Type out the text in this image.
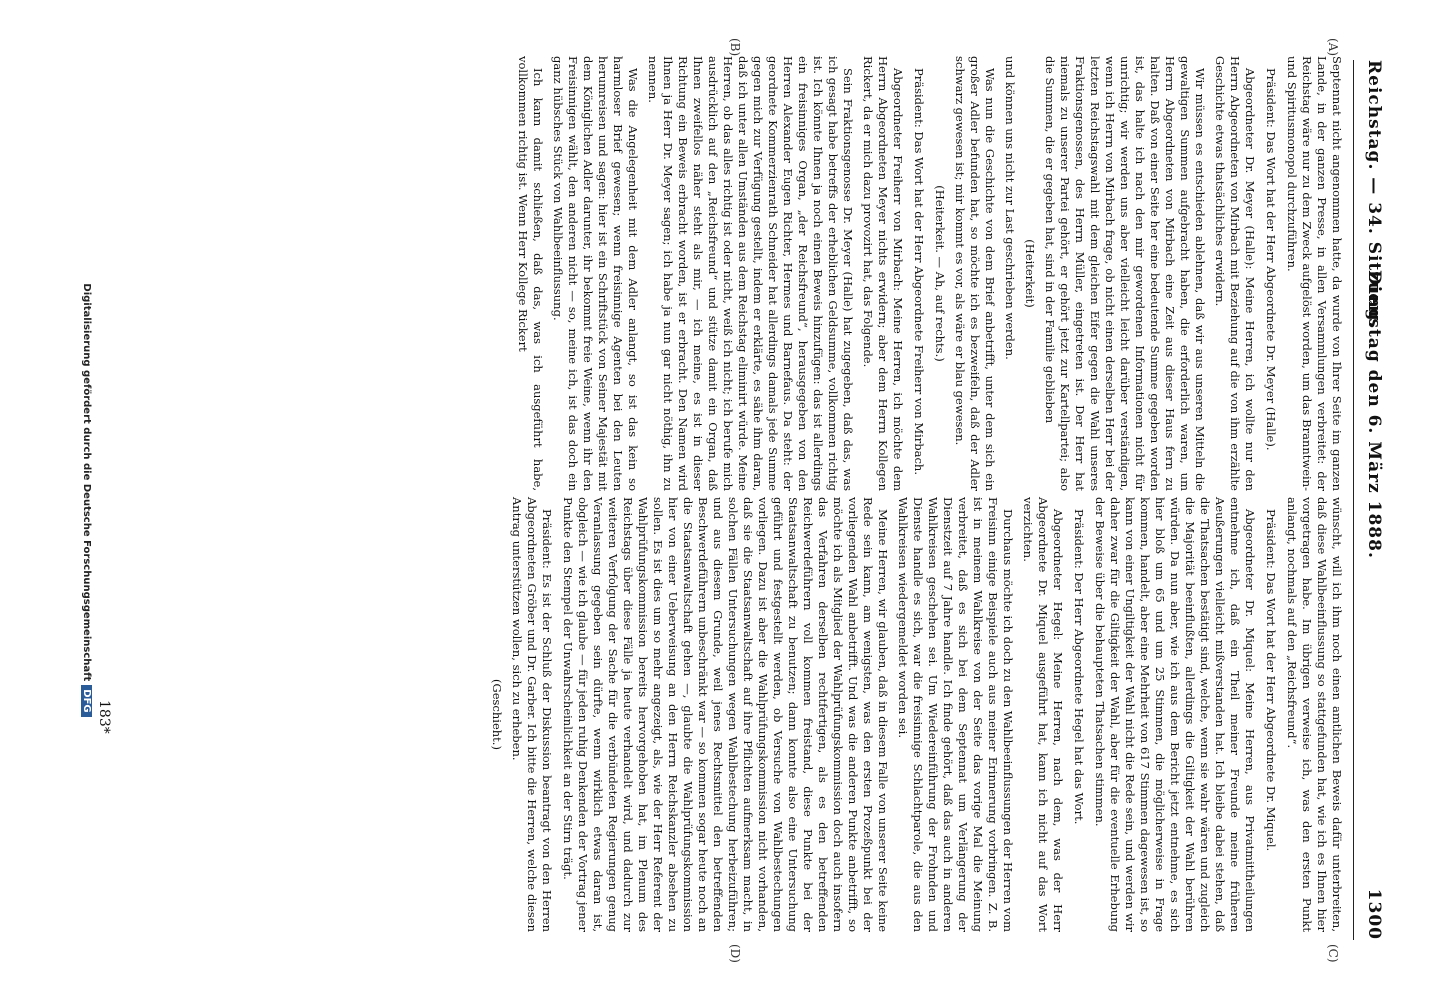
Reichstag. — 34. Sitzung.
Dienstag den 6. März 1888.
1300

Septennat nicht angenommen hatte, da wurde von Ihrer Seite im ganzen Lande, in der ganzen Presse, in allen Versammlungen verbreitet: der Reichstag wäre nur zu dem Zweck aufgelöst worden, um das Branntwein- und Spiritusmonopol durchzuführen.

Präsident: Das Wort hat der Herr Abgeordnete Dr. Meyer (Halle).

Abgeordneter Dr. Meyer (Halle): Meine Herren, ich wollte nur den Herrn Abgeordneten von Mirbach mit Beziehung auf die von ihm erzählte Geschichte etwas thatsächliches erwidern.

Wir müssen es entschieden ablehnen, daß wir aus unseren Mitteln die gewaltigen Summen aufgebracht haben, die erforderlich waren, um Herrn Abgeordneten von Mirbach eine Zeit aus dieser Haus fern zu halten. Daß von einer Seite her eine bedeutende Summe gegeben worden ist, das halte ich nach den mir gewordenen Informationen nicht für unrichtig; wir werden uns aber vielleicht leicht darüber verständigen, wenn ich Herrn von Mirbach frage, ob nicht einen derselben Herr bei der letzten Reichstagswahl mit dem gleichen Eifer gegen die Wahl unseres Fraktionsgenossen, des Herrn Müller, eingetreten ist. Der Herr hat niemals zu unserer Partei gehört, er gehört jetzt zur Kartellpartei; also die Summen, die er gegeben hat, sind in der Familie geblieben

(Heiterkeit)

und können uns nicht zur Last geschrieben werden.

Was nun die Geschichte von dem Brief anbetrifft, unter dem sich ein großer Adler befunden hat, so möchte ich es bezweifeln, daß der Adler schwarz gewesen ist; mir kommt es vor, als wäre er blau gewesen.

(Heiterkeit. — Ah, auf rechts.)

Präsident: Das Wort hat der Herr Abgeordnete Freiherr von Mirbach.

Abgeordneter Freiherr von Mirbach: Meine Herren, ich möchte dem Herrn Abgeordneten Meyer nichts erwidern; aber dem Herrn Kollegen Rickert, da er mich dazu provozirt hat, das Folgende.

Sein Fraktionsgenosse Dr. Meyer (Halle) hat zugegeben, daß das, was ich gesagt habe betreffs der erheblichen Geldsumme, vollkommen richtig ist. Ich könnte Ihnen ja noch einen Beweis hinzufügen: das ist allerdings ein freisinniges Organ, „der Reichsfreund“, herausgegeben von den Herren Alexander Eugen Richter, Hermes und Barnefaus. Da steht: der geordnete Kommerzienrath Schneider hat allerdings damals jede Summe gegen mich zur Verfügung gestellt, indem er erklärte, es sähe ihm daran, daß ich unter allen Umständen aus dem Reichstag eliminirt würde. Meine Herren, ob das alles richtig ist oder nicht, weiß ich nicht; ich berufe mich ausdrücklich auf den „Reichsfreund“ und stütze damit ein Organ, daß Ihnen zweifellos näher steht als mir, — ich meine, es ist in dieser Richtung ein Beweis erbracht worden, ist er erbracht. Den Namen wird Ihnen ja Herr Dr. Meyer sagen; ich habe ja nun gar nicht nöthig, ihn zu nennen.

Was die Angelegenheit mit dem Adler anlangt, so ist das kein so harmloser Brief gewesen; wenn freisinnige Agenten bei den Leuten herumreisen und sagen: hier ist ein Schriftstück von Seiner Majestät mit dem Königlichen Adler darunter, ihr bekommt freie Weine, wenn ihr den Freisinnigen wählt, den anderen nicht — so, meine ich, ist das doch ein ganz hübsches Stück von Wahlbeeinflussung.

Ich kann damit schließen, daß das, was ich ausgeführt habe, vollkommen richtig ist. Wenn Herr Kollege Rickert

wünscht, will ich ihm noch einen amtlichen Beweis dafür unterbreiten, daß diese Wahlbeeinflussung so stattgefunden hat, wie ich es Ihnen hier vorgetragen habe. Im übrigen verweise ich, was den ersten Punkt anlangt, nochmals auf den „Reichsfreund“.

Präsident: Das Wort hat der Herr Abgeordnete Dr. Miquel.

Abgeordneter Dr. Miquel: Meine Herren, aus Privatmittheilungen entnehme ich, daß ein Theil meiner Freunde meine früheren Aeußerungen vielleicht mißverstanden hat. Ich bleibe dabei stehen, daß die Thatsachen bestätigt sind, welche, wenn sie wahr wären und zugleich die Majorität beeinflußten, allerdings die Giltigkeit der Wahl berühren würden. Da nun aber, wie ich aus dem Bericht jetzt entnehme, es sich hier bloß um 65 und um 25 Stimmen, die möglicherweise in Frage kommen, handelt, aber eine Mehrheit von 617 Stimmen dagewesen ist, so kann von einer Ungiltigkeit der Wahl nicht die Rede sein, und werden wir daher zwar für die Giltigkeit der Wahl, aber für die eventuelle Erhebung der Beweise über die behaupteten Thatsachen stimmen.

Präsident: Der Herr Abgeordnete Hegel hat das Wort.

Abgeordneter Hegel: Meine Herren, nach dem, was der Herr Abgeordnete Dr. Miquel ausgeführt hat, kann ich nicht auf das Wort verzichten.

Durchaus möchte ich doch zu den Wahlbeeinflussungen der Herren vom Freisinn einige Beispiele auch aus meiner Erinnerung vorbringen. Z. B. ist in meinem Wahlkreise von der Seite das vorige Mal die Meinung verbreitet, daß es sich bei dem Septennat um Verlängerung der Dienstzeit auf 7 Jahre handle. Ich finde gehört, daß das auch in anderen Wahlkreisen geschehen sei. Um Wiedereinführung der Frohnden und Dienste handle es sich, war die freisinnige Schlachtparole, die aus den Wahlkreisen wiedergemeldet worden sei.

Meine Herren, wir glauben, daß in diesem Falle von unserer Seite keine Rede sein kann, am wenigsten, was den ersten Prozeßpunkt bei der vorliegenden Wahl anbetrifft. Und was die anderen Punkte anbetrifft, so möchte ich als Mitglied der Wahlprüfungskommission doch auch insofern das Verfahren derselben rechtfertigen, als es den betreffenden Reichwerdeführern voll kommen freistand, diese Punkte bei der Staatsanwaltschaft zu benutzen; dann konnte also eine Untersuchung geführt und festgestellt werden, ob Versuche von Wahlbestechungen vorliegen. Dazu ist aber die Wahlprüfungskommission nicht vorhanden, daß sie die Staatsanwaltschaft auf ihre Pflichten aufmerksam macht, in solchen Fällen Untersuchungen wegen Wahlbestechung herbeizuführen; und aus diesem Grunde, weil jenes Rechtsmittel den betreffenden Beschwerdeführern unbeschränkt war — so kommen sogar heute noch an die Staatsanwaltschaft gehen —, glaubte die Wahlprüfungskommission hier von einer Ueberweisung an den Herrn Reichskanzler absehen zu sollen. Es ist dies um so mehr angezeigt, als, wie der Herr Referent der Wahlprüfungskommission bereits hervorgehoben hat, im Plenum des Reichstags über diese Fälle ja heute verhandelt wird, und dadurch zur weiteren Verfolgung der Sache für die verbündeten Regierungen genug Veranlassung gegeben sein dürfte, wenn wirklich etwas daran ist, obgleich — wie ich glaube — für jeden ruhig Denkenden der Vortrag jener Punkte den Stempel der Unwahrscheinlichkeit an der Stirn trägt.

Präsident: Es ist der Schluß der Diskussion beantragt von den Herren Abgeordneten Gröber und Dr. Garber. Ich bitte die Herren, welche diesen Antrag unterstützen wollen, sich zu erheben.

(Geschieht.)

(A)
(B)
(C)
(D)
183*
Digitalisierung gefördert durch die Deutsche ForschungsgemeinschaftDFG
